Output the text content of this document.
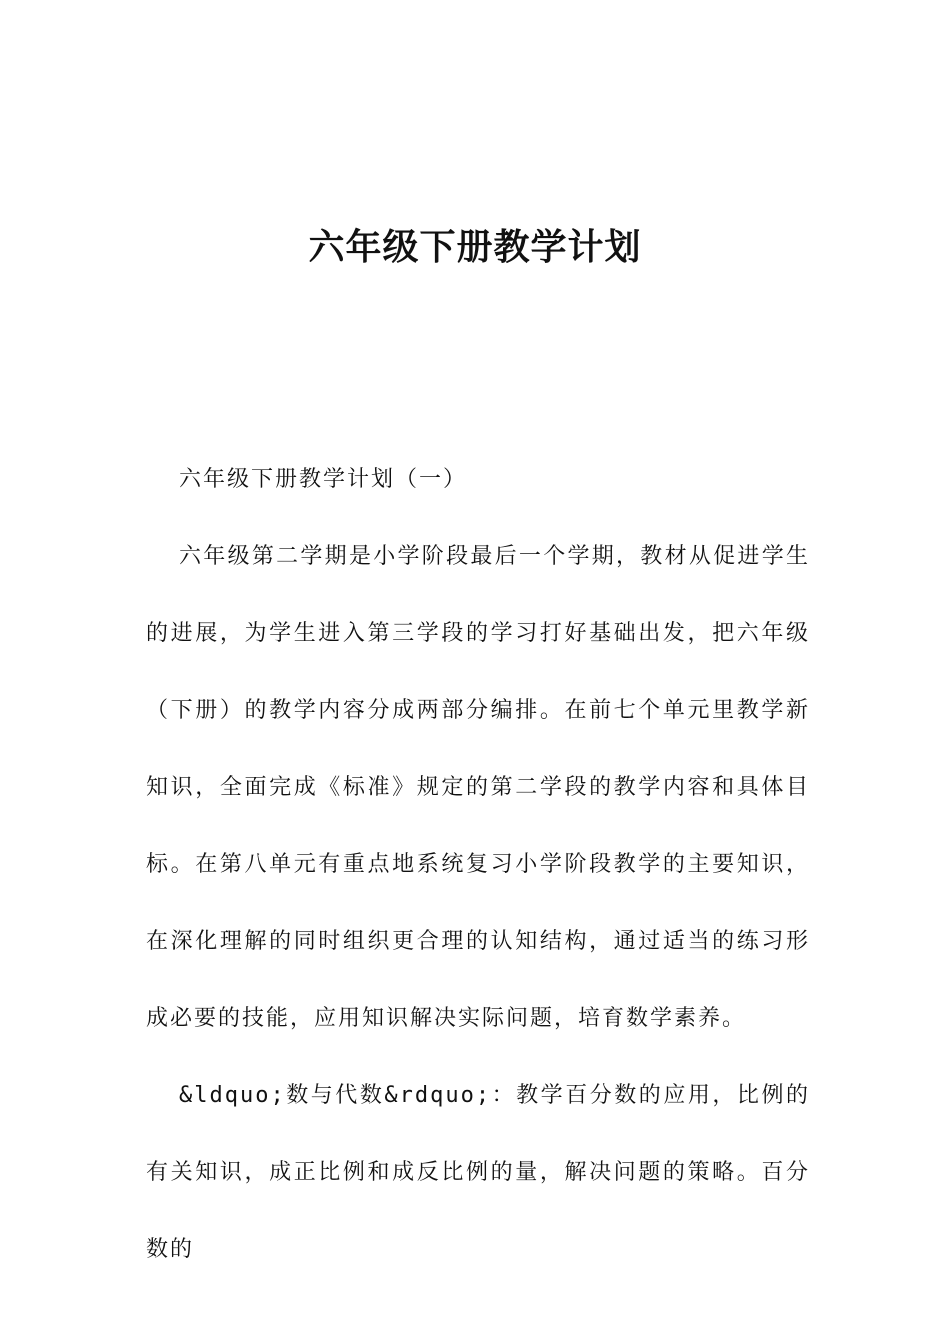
六年级下册教学计划

六年级下册教学计划（一）

六年级第二学期是小学阶段最后一个学期，教材从促进学生的进展，为学生进入第三学段的学习打好基础出发，把六年级（下册）的教学内容分成两部分编排。在前七个单元里教学新知识，全面完成《标准》规定的第二学段的教学内容和具体目标。在第八单元有重点地系统复习小学阶段教学的主要知识，在深化理解的同时组织更合理的认知结构，通过适当的练习形成必要的技能，应用知识解决实际问题，培育数学素养。

&ldquo;数与代数&rdquo;：教学百分数的应用，比例的有关知识，成正比例和成反比例的量，解决问题的策略。百分数的
